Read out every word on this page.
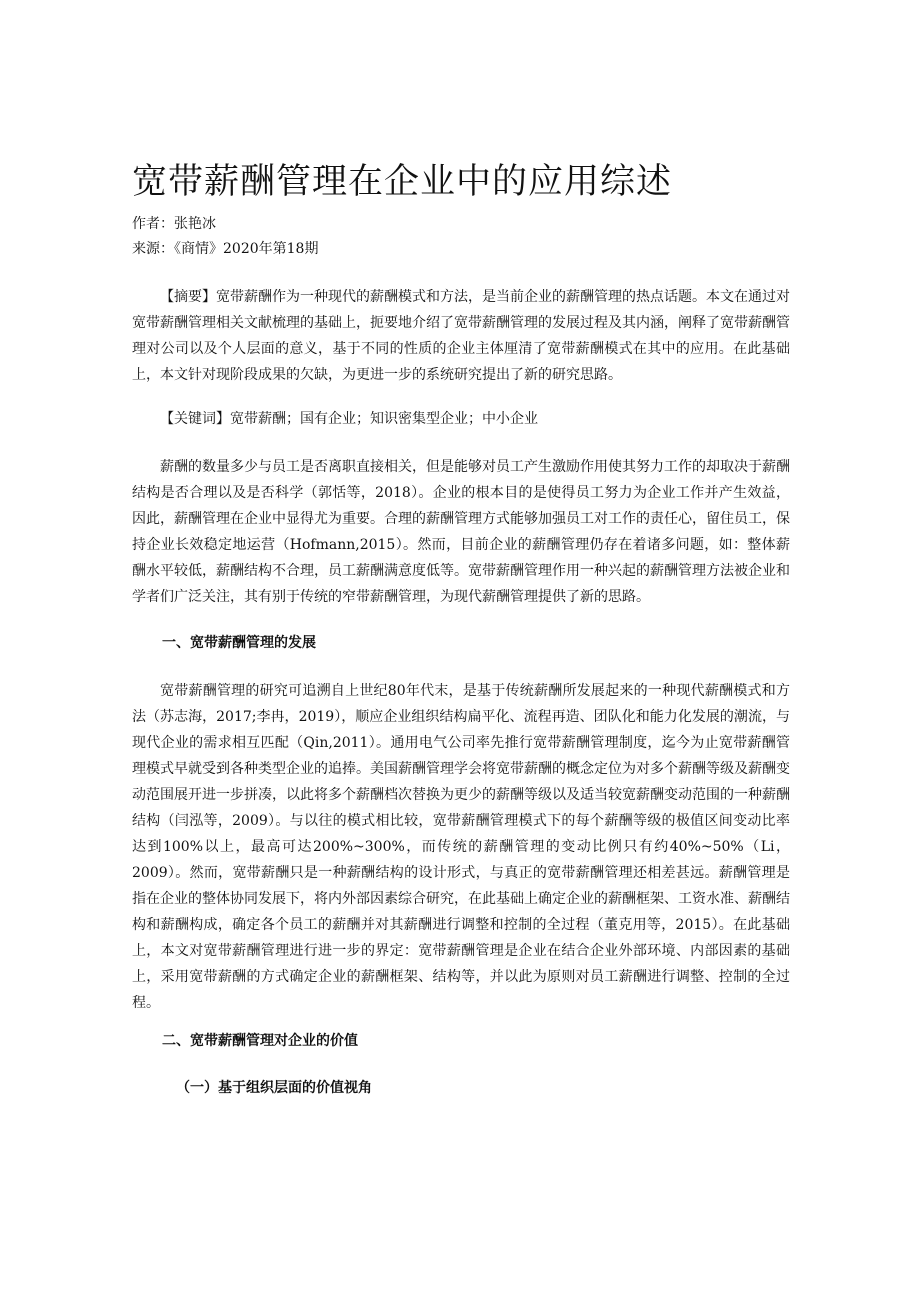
宽带薪酬管理在企业中的应用综述
作者：张艳冰
来源：《商情》2020年第18期

【摘要】宽带薪酬作为一种现代的薪酬模式和方法，是当前企业的薪酬管理的热点话题。本文在通过对宽带薪酬管理相关文献梳理的基础上，扼要地介绍了宽带薪酬管理的发展过程及其内涵，阐释了宽带薪酬管理对公司以及个人层面的意义，基于不同的性质的企业主体厘清了宽带薪酬模式在其中的应用。在此基础上，本文针对现阶段成果的欠缺，为更进一步的系统研究提出了新的研究思路。

【关键词】宽带薪酬；国有企业；知识密集型企业；中小企业

薪酬的数量多少与员工是否离职直接相关，但是能够对员工产生激励作用使其努力工作的却取决于薪酬结构是否合理以及是否科学（郭恬等，2018）。企业的根本目的是使得员工努力为企业工作并产生效益，因此，薪酬管理在企业中显得尤为重要。合理的薪酬管理方式能够加强员工对工作的责任心，留住员工，保持企业长效稳定地运营（Hofmann,2015）。然而，目前企业的薪酬管理仍存在着诸多问题，如：整体薪酬水平较低，薪酬结构不合理，员工薪酬满意度低等。宽带薪酬管理作用一种兴起的薪酬管理方法被企业和学者们广泛关注，其有别于传统的窄带薪酬管理，为现代薪酬管理提供了新的思路。

一、宽带薪酬管理的发展

宽带薪酬管理的研究可追溯自上世纪80年代末，是基于传统薪酬所发展起来的一种现代薪酬模式和方法（苏志海，2017;李冉，2019），顺应企业组织结构扁平化、流程再造、团队化和能力化发展的潮流，与现代企业的需求相互匹配（Qin,2011）。通用电气公司率先推行宽带薪酬管理制度，迄今为止宽带薪酬管理模式早就受到各种类型企业的追捧。美国薪酬管理学会将宽带薪酬的概念定位为对多个薪酬等级及薪酬变动范围展开进一步拼凑，以此将多个薪酬档次替换为更少的薪酬等级以及适当较宽薪酬变动范围的一种薪酬结构（闫泓等，2009）。与以往的模式相比较，宽带薪酬管理模式下的每个薪酬等级的极值区间变动比率达到100%以上，最高可达200%~300%，而传统的薪酬管理的变动比例只有约40%~50%（Li，2009）。然而，宽带薪酬只是一种薪酬结构的设计形式，与真正的宽带薪酬管理还相差甚远。薪酬管理是指在企业的整体协同发展下，将内外部因素综合研究，在此基础上确定企业的薪酬框架、工资水准、薪酬结构和薪酬构成，确定各个员工的薪酬并对其薪酬进行调整和控制的全过程（董克用等，2015）。在此基础上，本文对宽带薪酬管理进行进一步的界定：宽带薪酬管理是企业在结合企业外部环境、内部因素的基础上，采用宽带薪酬的方式确定企业的薪酬框架、结构等，并以此为原则对员工薪酬进行调整、控制的全过程。

二、宽带薪酬管理对企业的价值
（一）基于组织层面的价值视角
